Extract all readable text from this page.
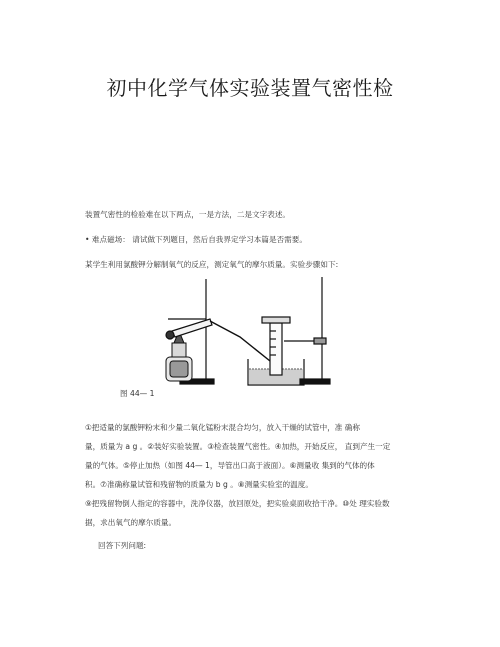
初中化学气体实验装置气密性检
装置气密性的检验难在以下两点，一是方法，二是文字表述。
• 难点磁场： 请试做下列题目，然后自我界定学习本篇是否需要。
某学生利用氯酸钾分解制氧气的反应，测定氧气的摩尔质量。实验步骤如下:
图 44— 1

①把适量的氯酸钾粉末和少量二氧化锰粉末混合均匀，放入干燥的试管中，准 确称

量，质量为 a g 。②装好实验装置。③检查装置气密性。④加热，开始反应， 直到产生一定

量的气体。⑤停止加热（如图 44— 1，导管出口高于液面）。⑥测量收 集到的气体的体

积。⑦准确称量试管和残留物的质量为 b g 。⑧测量实验室的温度。

⑨把残留物倒人指定的容器中，洗净仪器，放回原处，把实验桌面收拾干净。⑩处 理实验数

据，求出氧气的摩尔质量。

回答下列问题:
